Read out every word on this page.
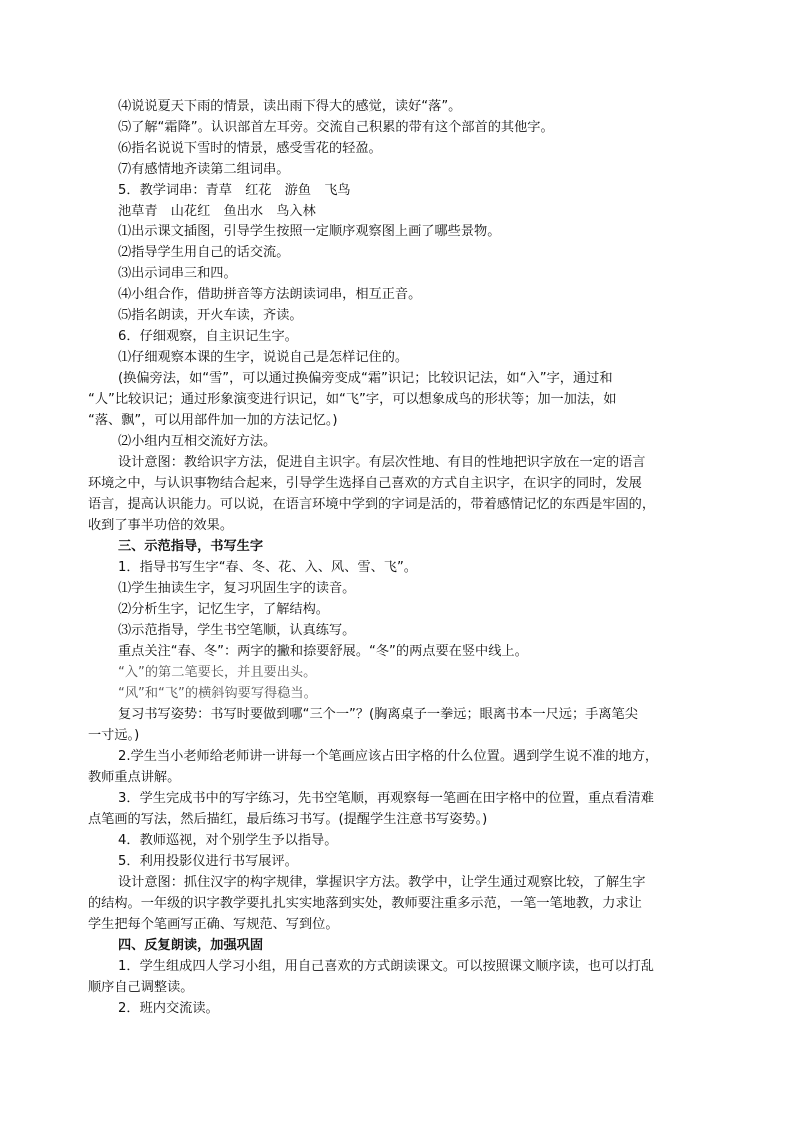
⑷说说夏天下雨的情景，读出雨下得大的感觉，读好“落”。
⑸了解“霜降”。认识部首左耳旁。交流自己积累的带有这个部首的其他字。
⑹指名说说下雪时的情景，感受雪花的轻盈。
⑺有感情地齐读第二组词串。
5．教学词串：青草　红花　游鱼　飞鸟
池草青　山花红　鱼出水　鸟入林
⑴出示课文插图，引导学生按照一定顺序观察图上画了哪些景物。
⑵指导学生用自己的话交流。
⑶出示词串三和四。
⑷小组合作，借助拼音等方法朗读词串，相互正音。
⑸指名朗读，开火车读，齐读。
6．仔细观察，自主识记生字。
⑴仔细观察本课的生字，说说自己是怎样记住的。
(换偏旁法，如“雪”，可以通过换偏旁变成“霜”识记；比较识记法，如“入”字，通过和
“人”比较识记；通过形象演变进行识记，如“飞”字，可以想象成鸟的形状等；加一加法，如
“落、飘”，可以用部件加一加的方法记忆。)
⑵小组内互相交流好方法。
设计意图：教给识字方法，促进自主识字。有层次性地、有目的性地把识字放在一定的语言
环境之中，与认识事物结合起来，引导学生选择自己喜欢的方式自主识字，在识字的同时，发展
语言，提高认识能力。可以说，在语言环境中学到的字词是活的，带着感情记忆的东西是牢固的，
收到了事半功倍的效果。
三、示范指导，书写生字
1．指导书写生字“春、冬、花、入、风、雪、飞”。
⑴学生抽读生字，复习巩固生字的读音。
⑵分析生字，记忆生字，了解结构。
⑶示范指导，学生书空笔顺，认真练写。
重点关注“春、冬”：两字的撇和捺要舒展。“冬”的两点要在竖中线上。
“入”的第二笔要长，并且要出头。
“风”和“飞”的横斜钩要写得稳当。
复习书写姿势：书写时要做到哪“三个一”？(胸离桌子一拳远；眼离书本一尺远；手离笔尖
一寸远。)
2.学生当小老师给老师讲一讲每一个笔画应该占田字格的什么位置。遇到学生说不准的地方，
教师重点讲解。
3．学生完成书中的写字练习，先书空笔顺，再观察每一笔画在田字格中的位置，重点看清难
点笔画的写法，然后描红，最后练习书写。(提醒学生注意书写姿势。)
4．教师巡视，对个别学生予以指导。
5．利用投影仪进行书写展评。
设计意图：抓住汉字的构字规律，掌握识字方法。教学中，让学生通过观察比较，了解生字
的结构。一年级的识字教学要扎扎实实地落到实处，教师要注重多示范，一笔一笔地教，力求让
学生把每个笔画写正确、写规范、写到位。
四、反复朗读，加强巩固
1．学生组成四人学习小组，用自己喜欢的方式朗读课文。可以按照课文顺序读，也可以打乱
顺序自己调整读。
2．班内交流读。
